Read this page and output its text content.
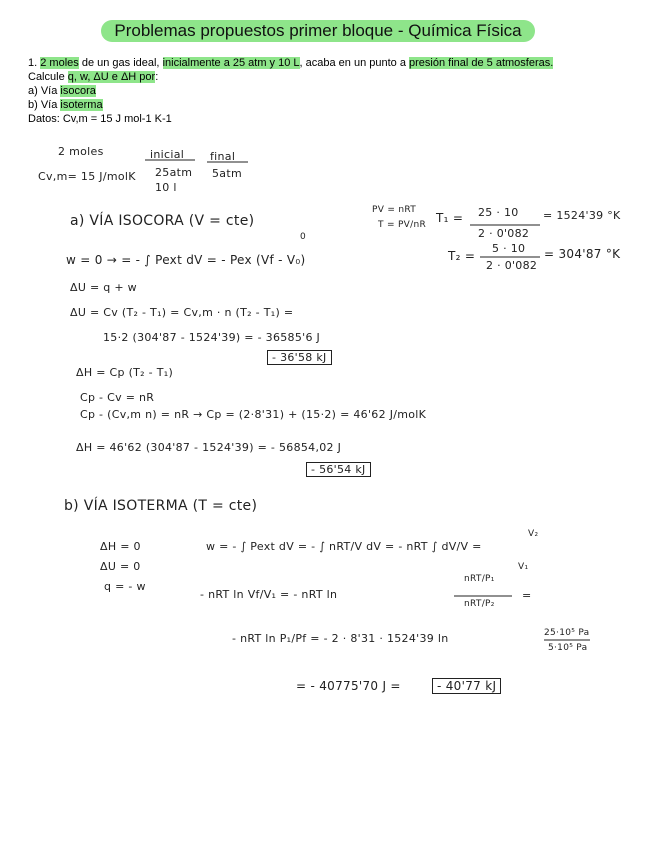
Problemas propuestos primer bloque - Química Física
1. 2 moles de un gas ideal, inicialmente a 25 atm y 10 L, acaba en un punto a presión final de 5 atmosferas.
Calcule q, w, ΔU e ΔH por:
a) Vía isocora
b) Vía isoterma
Datos: Cv,m = 15 J mol-1 K-1
2 moles
Cv,m= 15 J/molK
inicial
25atm
10 l
final
5atm
a) VÍA ISOCORA (V = cte)
PV = nRT
T = PV/nR T₁ = 25 · 10
2 · 0'082
= 1524'39 °K
T₂ =
5 · 10
2 · 0'082
= 304'87 °K
0
w = 0 → = - ∫ Pext dV = - Pex (Vf - V₀)
ΔU = q + w
ΔU = Cv (T₂ - T₁) = Cv,m · n (T₂ - T₁) =
15·2 (304'87 - 1524'39) = - 36585'6 J
- 36'58 kJ
ΔH = Cp (T₂ - T₁)
Cp - Cv = nR
Cp - (Cv,m n) = nR → Cp = (2·8'31) + (15·2) = 46'62 J/molK
ΔH = 46'62 (304'87 - 1524'39) = - 56854,02 J
- 56'54 kJ
b) VÍA ISOTERMA (T = cte)
ΔH = 0
ΔU = 0
q = - w
w = - ∫ Pext dV = - ∫ nRT/V dV = - nRT ∫ dV/V =
V₂
V₁
- nRT ln Vf/V₁ = - nRT ln
nRT/P₁
nRT/P₂
=
- nRT ln P₁/Pf = - 2 · 8'31 · 1524'39 ln	25·10⁵ Pa
5·10⁵ Pa
= - 40775'70 J =	- 40'77 kJ
